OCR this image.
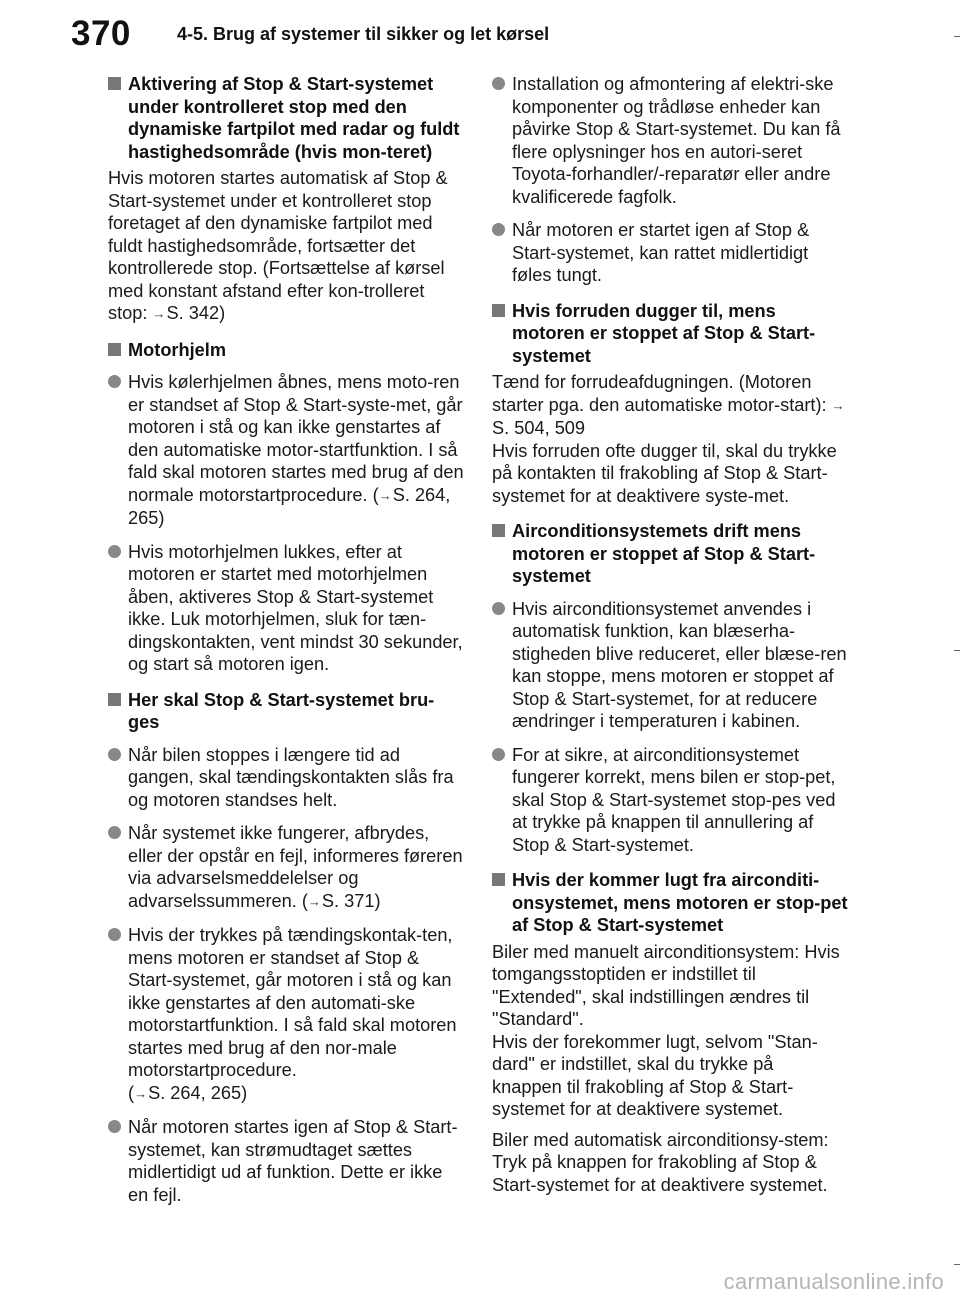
370	4-5. Brug af systemer til sikker og let kørsel
Aktivering af Stop & Start-systemet under kontrolleret stop med den dynamiske fartpilot med radar og fuldt hastighedsområde (hvis mon-teret)
Hvis motoren startes automatisk af Stop & Start-systemet under et kontrolleret stop foretaget af den dynamiske fartpilot med fuldt hastighedsområde, fortsætter det kontrollerede stop. (Fortsættelse af kørsel med konstant afstand efter kon-trolleret stop: →S. 342)
Motorhjelm
Hvis kølerhjelmen åbnes, mens moto-ren er standset af Stop & Start-syste-met, går motoren i stå og kan ikke genstartes af den automatiske motor-startfunktion. I så fald skal motoren startes med brug af den normale motorstartprocedure. (→S. 264, 265)
Hvis motorhjelmen lukkes, efter at motoren er startet med motorhjelmen åben, aktiveres Stop & Start-systemet ikke. Luk motorhjelmen, sluk for tæn-dingskontakten, vent mindst 30 sekunder, og start så motoren igen.
Her skal Stop & Start-systemet bru-ges
Når bilen stoppes i længere tid ad gangen, skal tændingskontakten slås fra og motoren standses helt.
Når systemet ikke fungerer, afbrydes, eller der opstår en fejl, informeres føreren via advarselsmeddelelser og advarselssummeren. (→S. 371)
Hvis der trykkes på tændingskontak-ten, mens motoren er standset af Stop & Start-systemet, går motoren i stå og kan ikke genstartes af den automati-ske motorstartfunktion. I så fald skal motoren startes med brug af den nor-male motorstartprocedure.
(→S. 264, 265)
Når motoren startes igen af Stop & Start-systemet, kan strømudtaget sættes midlertidigt ud af funktion. Dette er ikke en fejl.
Installation og afmontering af elektri-ske komponenter og trådløse enheder kan påvirke Stop & Start-systemet. Du kan få flere oplysninger hos en autori-seret Toyota-forhandler/-reparatør eller andre kvalificerede fagfolk.
Når motoren er startet igen af Stop & Start-systemet, kan rattet midlertidigt føles tungt.
Hvis forruden dugger til, mens motoren er stoppet af Stop & Start-systemet
Tænd for forrudeafdugningen. (Motoren starter pga. den automatiske motor-start): →S. 504, 509
Hvis forruden ofte dugger til, skal du trykke på kontakten til frakobling af Stop & Start-systemet for at deaktivere syste-met.
Airconditionsystemets drift mens motoren er stoppet af Stop & Start-systemet
Hvis airconditionsystemet anvendes i automatisk funktion, kan blæserha-stigheden blive reduceret, eller blæse-ren kan stoppe, mens motoren er stoppet af Stop & Start-systemet, for at reducere ændringer i temperaturen i kabinen.
For at sikre, at airconditionsystemet fungerer korrekt, mens bilen er stop-pet, skal Stop & Start-systemet stop-pes ved at trykke på knappen til annullering af Stop & Start-systemet.
Hvis der kommer lugt fra airconditi-onsystemet, mens motoren er stop-pet af Stop & Start-systemet
Biler med manuelt airconditionsystem: Hvis tomgangsstoptiden er indstillet til "Extended", skal indstillingen ændres til "Standard".
Hvis der forekommer lugt, selvom "Stan-dard" er indstillet, skal du trykke på knappen til frakobling af Stop & Start-systemet for at deaktivere systemet.
Biler med automatisk airconditionsy-stem: Tryk på knappen for frakobling af Stop & Start-systemet for at deaktivere systemet.
carmanualsonline.info
